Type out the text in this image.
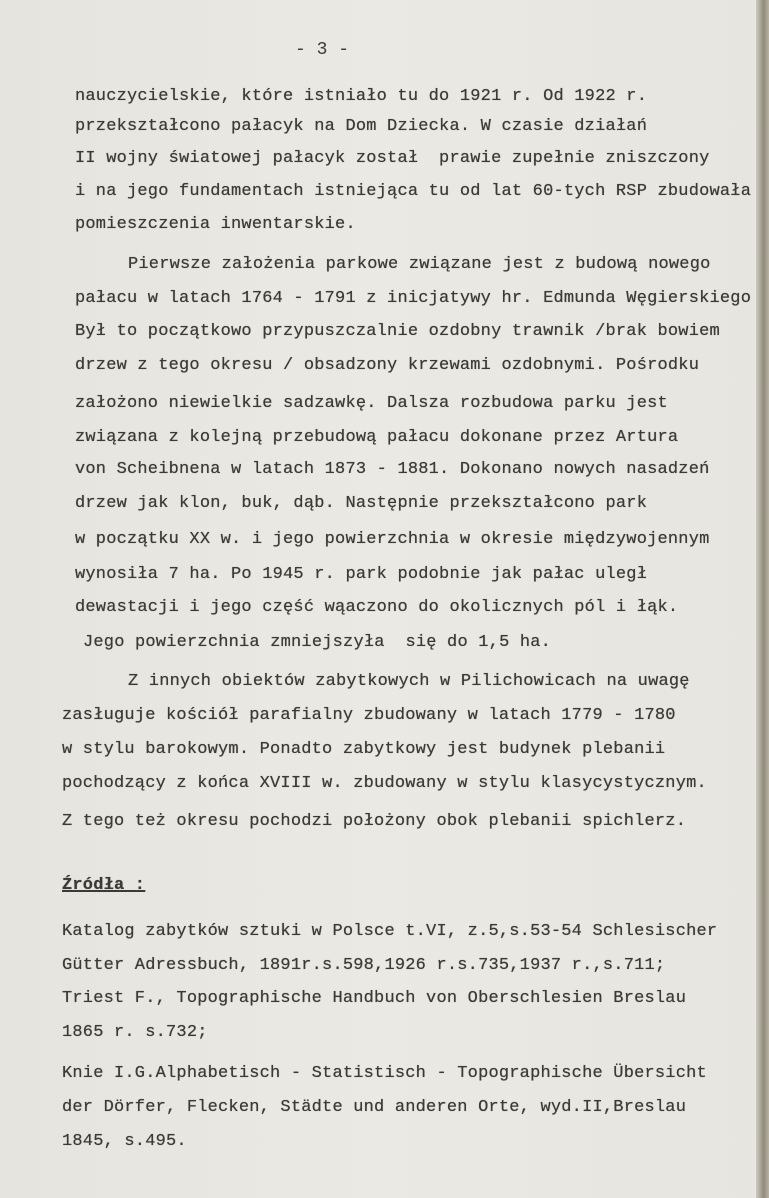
- 3 -
nauczycielskie, które istniało tu do 1921 r. Od 1922 r.
przekształcono pałacyk na Dom Dziecka. W czasie działań
II wojny światowej pałacyk został  prawie zupełnie zniszczony
i na jego fundamentach istniejąca tu od lat 60-tych RSP zbudowała
pomieszczenia inwentarskie.
Pierwsze założenia parkowe związane jest z budową nowego
pałacu w latach 1764 - 1791 z inicjatywy hr. Edmunda Węgierskiego
Był to początkowo przypuszczalnie ozdobny trawnik /brak bowiem
drzew z tego okresu / obsadzony krzewami ozdobnymi. Pośrodku
założono niewielkie sadzawkę. Dalsza rozbudowa parku jest
związana z kolejną przebudową pałacu dokonane przez Artura
von Scheibnena w latach 1873 - 1881. Dokonano nowych nasadzeń
drzew jak klon, buk, dąb. Następnie przekształcono park
w początku XX w. i jego powierzchnia w okresie międzywojennym
wynosiła 7 ha. Po 1945 r. park podobnie jak pałac uległ
dewastacji i jego część wąaczono do okolicznych pól i łąk.
Jego powierzchnia zmniejszyła  się do 1,5 ha.
Z innych obiektów zabytkowych w Pilichowicach na uwagę
zasługuje kościół parafialny zbudowany w latach 1779 - 1780
w stylu barokowym. Ponadto zabytkowy jest budynek plebanii
pochodzący z końca XVIII w. zbudowany w stylu klasycystycznym.
Z tego też okresu pochodzi położony obok plebanii spichlerz.
Źródła :
Katalog zabytków sztuki w Polsce t.VI, z.5,s.53-54 Schlesischer
Gütter Adressbuch, 1891r.s.598,1926 r.s.735,1937 r.,s.711;
Triest F., Topographische Handbuch von Oberschlesien Breslau
1865 r. s.732;
Knie I.G.Alphabetisch - Statistisch - Topographische Übersicht
der Dörfer, Flecken, Städte und anderen Orte, wyd.II,Breslau
1845, s.495.
